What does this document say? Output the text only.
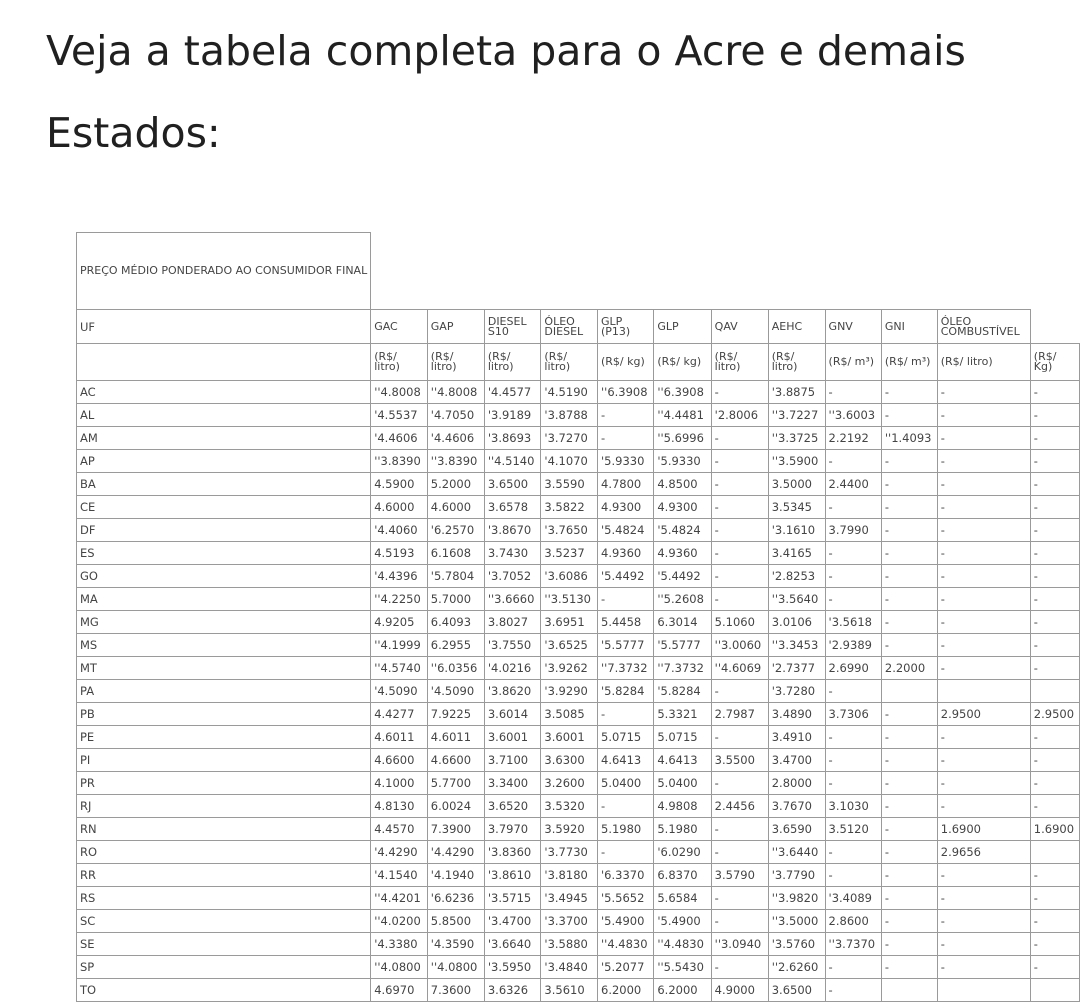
Veja a tabela completa para o Acre e demais Estados:
PREÇO MÉDIO PONDERADO AO CONSUMIDOR FINAL												
UF	GAC	GAP	DIESEL S10	ÓLEO DIESEL	GLP (P13)	GLP	QAV	AEHC	GNV	GNI	ÓLEO COMBUSTÍVEL	
	(R$/ litro)	(R$/ litro)	(R$/ litro)	(R$/ litro)	(R$/ kg)	(R$/ kg)	(R$/ litro)	(R$/ litro)	(R$/ m³)	(R$/ m³)	(R$/ litro)	(R$/ Kg)
AC	''4.8008	''4.8008	'4.4577	'4.5190	''6.3908	''6.3908	-	'3.8875	-	-	-	-
AL	'4.5537	'4.7050	'3.9189	'3.8788	-	''4.4481	'2.8006	''3.7227	''3.6003	-	-	-
AM	'4.4606	'4.4606	'3.8693	'3.7270	-	''5.6996	-	''3.3725	2.2192	''1.4093	-	-
AP	''3.8390	''3.8390	''4.5140	'4.1070	'5.9330	'5.9330	-	''3.5900	-	-	-	-
BA	4.5900	5.2000	3.6500	3.5590	4.7800	4.8500	-	3.5000	2.4400	-	-	-
CE	4.6000	4.6000	3.6578	3.5822	4.9300	4.9300	-	3.5345	-	-	-	-
DF	'4.4060	'6.2570	'3.8670	'3.7650	'5.4824	'5.4824	-	'3.1610	3.7990	-	-	-
ES	4.5193	6.1608	3.7430	3.5237	4.9360	4.9360	-	3.4165	-	-	-	-
GO	'4.4396	'5.7804	'3.7052	'3.6086	'5.4492	'5.4492	-	'2.8253	-	-	-	-
MA	''4.2250	5.7000	''3.6660	''3.5130	-	''5.2608	-	''3.5640	-	-	-	-
MG	4.9205	6.4093	3.8027	3.6951	5.4458	6.3014	5.1060	3.0106	'3.5618	-	-	-
MS	''4.1999	6.2955	'3.7550	'3.6525	'5.5777	'5.5777	''3.0060	''3.3453	'2.9389	-	-	-
MT	''4.5740	''6.0356	'4.0216	'3.9262	''7.3732	''7.3732	''4.6069	'2.7377	2.6990	2.2000	-	-
PA	'4.5090	'4.5090	'3.8620	'3.9290	'5.8284	'5.8284	-	'3.7280	-			
PB	4.4277	7.9225	3.6014	3.5085	-	5.3321	2.7987	3.4890	3.7306	-	2.9500	2.9500
PE	4.6011	4.6011	3.6001	3.6001	5.0715	5.0715	-	3.4910	-	-	-	-
PI	4.6600	4.6600	3.7100	3.6300	4.6413	4.6413	3.5500	3.4700	-	-	-	-
PR	4.1000	5.7700	3.3400	3.2600	5.0400	5.0400	-	2.8000	-	-	-	-
RJ	4.8130	6.0024	3.6520	3.5320	-	4.9808	2.4456	3.7670	3.1030	-	-	-
RN	4.4570	7.3900	3.7970	3.5920	5.1980	5.1980	-	3.6590	3.5120	-	1.6900	1.6900
RO	'4.4290	'4.4290	'3.8360	'3.7730	-	'6.0290	-	''3.6440	-	-	2.9656	
RR	'4.1540	'4.1940	'3.8610	'3.8180	'6.3370	6.8370	3.5790	'3.7790	-	-	-	-
RS	''4.4201	'6.6236	'3.5715	'3.4945	'5.5652	5.6584	-	''3.9820	'3.4089	-	-	-
SC	''4.0200	5.8500	'3.4700	'3.3700	'5.4900	'5.4900	-	''3.5000	2.8600	-	-	-
SE	'4.3380	'4.3590	'3.6640	'3.5880	''4.4830	''4.4830	''3.0940	'3.5760	''3.7370	-	-	-
SP	''4.0800	''4.0800	'3.5950	'3.4840	'5.2077	''5.5430	-	''2.6260	-	-	-	-
TO	4.6970	7.3600	3.6326	3.5610	6.2000	6.2000	4.9000	3.6500	-			
